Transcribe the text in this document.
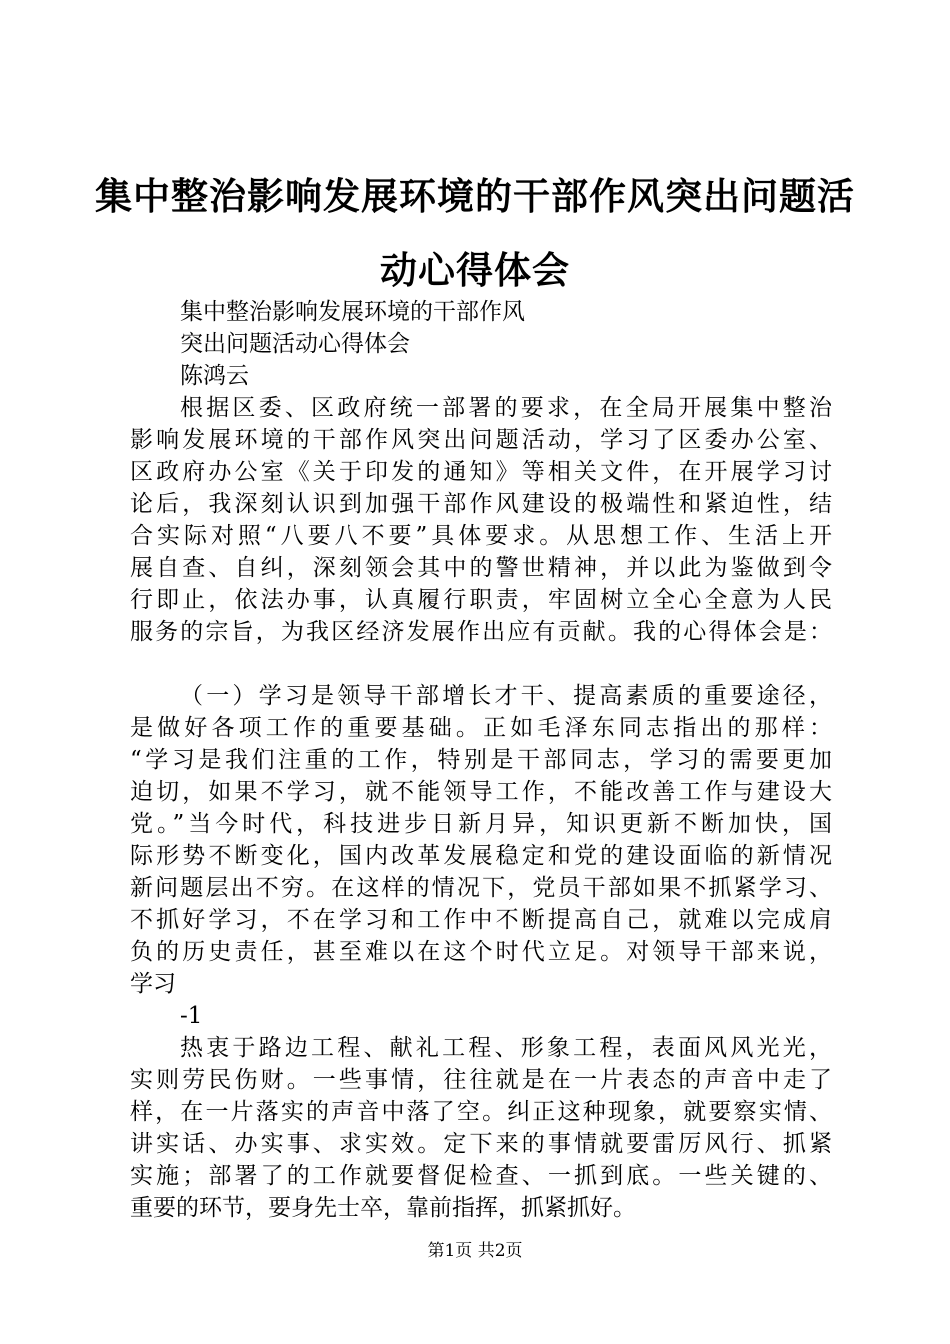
集中整治影响发展环境的干部作风突出问题活
动心得体会
集中整治影响发展环境的干部作风
突出问题活动心得体会
陈鸿云
根据区委、区政府统一部署的要求，在全局开展集中整治
影响发展环境的干部作风突出问题活动，学习了区委办公室、
区政府办公室《关于印发的通知》等相关文件，在开展学习讨
论后，我深刻认识到加强干部作风建设的极端性和紧迫性，结
合实际对照“八要八不要”具体要求。从思想工作、生活上开
展自查、自纠，深刻领会其中的警世精神，并以此为鉴做到令
行即止，依法办事，认真履行职责，牢固树立全心全意为人民
服务的宗旨，为我区经济发展作出应有贡献。我的心得体会是：
（一）学习是领导干部增长才干、提高素质的重要途径，
是做好各项工作的重要基础。正如毛泽东同志指出的那样：
“学习是我们注重的工作，特别是干部同志，学习的需要更加
迫切，如果不学习，就不能领导工作，不能改善工作与建设大
党。”当今时代，科技进步日新月异，知识更新不断加快，国
际形势不断变化，国内改革发展稳定和党的建设面临的新情况
新问题层出不穷。在这样的情况下，党员干部如果不抓紧学习、
不抓好学习，不在学习和工作中不断提高自己，就难以完成肩
负的历史责任，甚至难以在这个时代立足。对领导干部来说，
学习
-1
热衷于路边工程、献礼工程、形象工程，表面风风光光，
实则劳民伤财。一些事情，往往就是在一片表态的声音中走了
样，在一片落实的声音中落了空。纠正这种现象，就要察实情、
讲实话、办实事、求实效。定下来的事情就要雷厉风行、抓紧
实施；部署了的工作就要督促检查、一抓到底。一些关键的、
重要的环节，要身先士卒，靠前指挥，抓紧抓好。
第1页 共2页
